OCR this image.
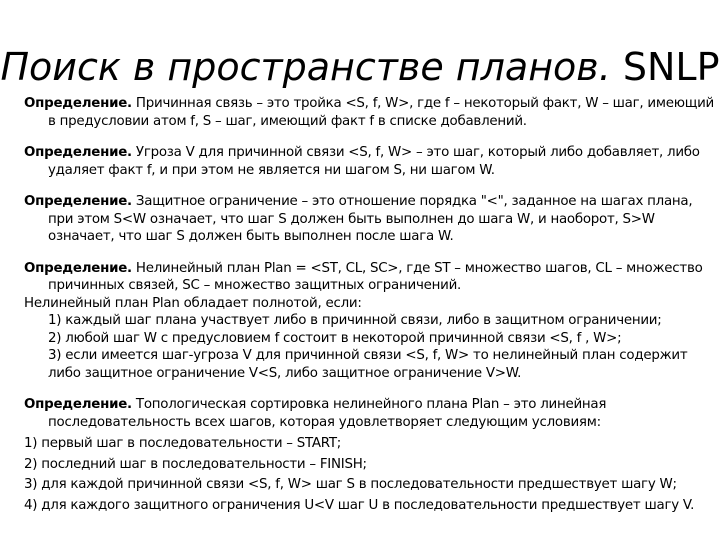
Поиск в пространстве планов. SNLP
Определение. Причинная связь – это тройка <S, f, W>, где f – некоторый факт, W – шаг, имеющий
в предусловии атом f, S – шаг, имеющий факт f в списке добавлений.
Определение. Угроза V для причинной связи <S, f, W> – это шаг, который либо добавляет, либо
удаляет факт f, и при этом не является ни шагом S, ни шагом W.
Определение. Защитное ограничение – это отношение порядка "<", заданное на шагах плана,
при этом S<W означает, что шаг S должен быть выполнен до шага W, и наоборот, S>W
означает, что шаг S должен быть выполнен после шага W.
Определение. Нелинейный план Plan = <ST, CL, SC>, где ST – множество шагов, CL – множество
причинных связей, SC – множество защитных ограничений.
Нелинейный план Plan обладает полнотой, если:
1) каждый шаг плана участвует либо в причинной связи, либо в защитном ограничении;
2) любой шаг W с предусловием f состоит в некоторой причинной связи <S, f , W>;
3) если имеется шаг-угроза V для причинной связи <S, f, W> то нелинейный план содержит
либо защитное ограничение V<S, либо защитное ограничение V>W.
Определение. Топологическая сортировка нелинейного плана Plan – это линейная
последовательность всех шагов, которая удовлетворяет следующим условиям:
1) первый шаг в последовательности – START;
2) последний шаг в последовательности – FINISH;
3) для каждой причинной связи <S, f, W> шаг S в последовательности предшествует шагу W;
4) для каждого защитного ограничения U<V шаг U в последовательности предшествует шагу V.
